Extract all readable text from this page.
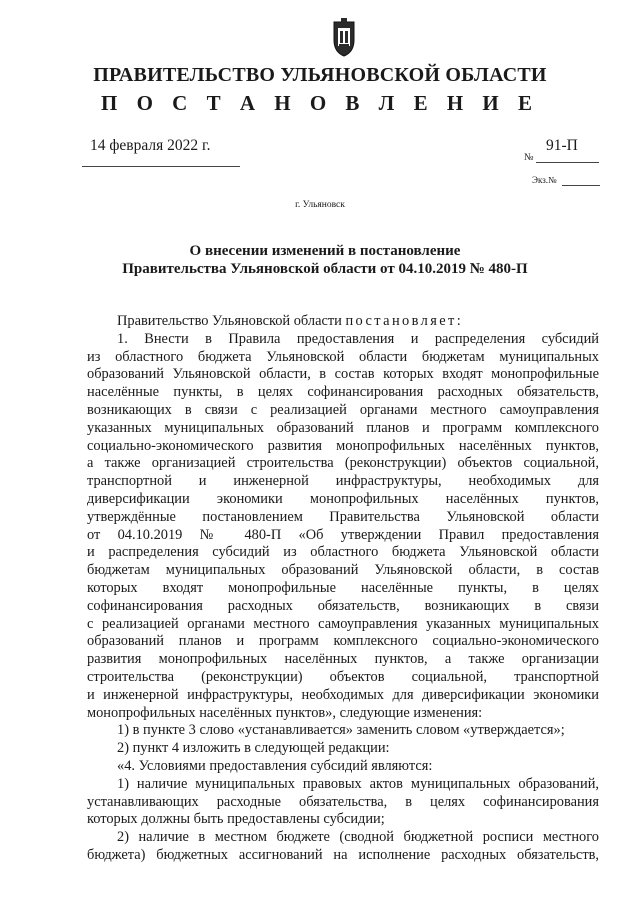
ПРАВИТЕЛЬСТВО УЛЬЯНОВСКОЙ ОБЛАСТИ
П О С Т А Н О В Л Е Н И Е
14 февраля 2022 г.
№
91-П
Экз.№
г. Ульяновск
О внесении изменений в постановление
Правительства Ульяновской области от 04.10.2019 № 480-П
Правительство Ульяновской области постановляет:
1. Внести в Правила предоставления и распределения субсидий
из областного бюджета Ульяновской области бюджетам муниципальных
образований Ульяновской области, в состав которых входят монопрофильные
населённые пункты, в целях софинансирования расходных обязательств,
возникающих в связи с реализацией органами местного самоуправления
указанных муниципальных образований планов и программ комплексного
социально-экономического развития монопрофильных населённых пунктов,
а также организацией строительства (реконструкции) объектов социальной,
транспортной и инженерной инфраструктуры, необходимых для
диверсификации экономики монопрофильных населённых пунктов,
утверждённые постановлением Правительства Ульяновской области
от 04.10.2019 № 480-П «Об утверждении Правил предоставления
и распределения субсидий из областного бюджета Ульяновской области
бюджетам муниципальных образований Ульяновской области, в состав
которых входят монопрофильные населённые пункты, в целях
софинансирования расходных обязательств, возникающих в связи
с реализацией органами местного самоуправления указанных муниципальных
образований планов и программ комплексного социально-экономического
развития монопрофильных населённых пунктов, а также организации
строительства (реконструкции) объектов социальной, транспортной
и инженерной инфраструктуры, необходимых для диверсификации экономики
монопрофильных населённых пунктов», следующие изменения:
1) в пункте 3 слово «устанавливается» заменить словом «утверждается»;
2) пункт 4 изложить в следующей редакции:
«4. Условиями предоставления субсидий являются:
1) наличие муниципальных правовых актов муниципальных образований,
устанавливающих расходные обязательства, в целях софинансирования
которых должны быть предоставлены субсидии;
2) наличие в местном бюджете (сводной бюджетной росписи местного
бюджета) бюджетных ассигнований на исполнение расходных обязательств,
